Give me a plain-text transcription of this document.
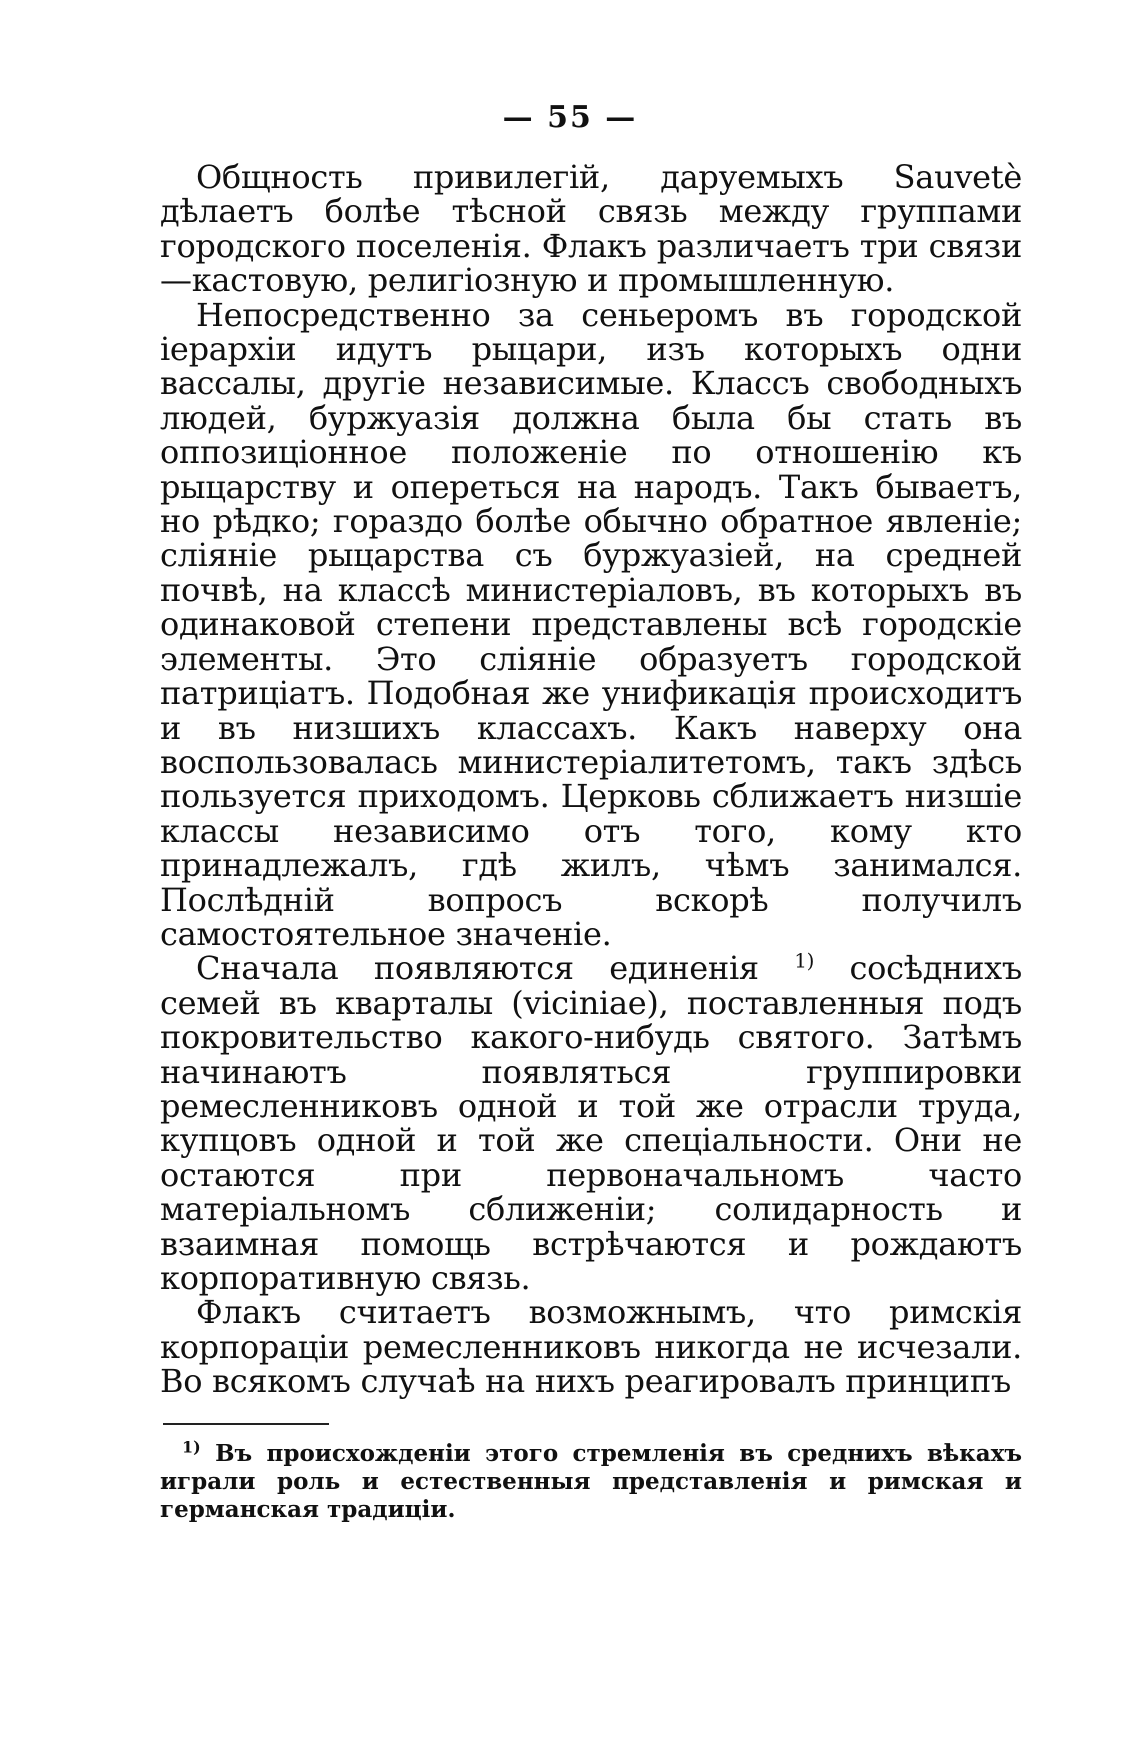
— 55 —

Общность привилегій, даруемыхъ Sauvetè дѣлаетъ болѣе тѣсной связь между группами городского поселенія. Флакъ различаетъ три связи—кастовую, религіозную и промышленную.

Непосредственно за сеньеромъ въ городской іерархіи идутъ рыцари, изъ которыхъ одни вассалы, другіе независимые. Классъ свободныхъ людей, буржуазія должна была бы стать въ оппозиціонное положеніе по отношенію къ рыцарству и опереться на народъ. Такъ бываетъ, но рѣдко; гораздо болѣе обычно обратное явленіе; сліяніе рыцарства съ буржуазіей, на средней почвѣ, на классѣ министеріаловъ, въ которыхъ въ одинаковой степени представлены всѣ городскіе элементы. Это сліяніе образуетъ городской патриціатъ. Подобная же унификація происходитъ и въ низшихъ классахъ. Какъ наверху она воспользовалась министеріалитетомъ, такъ здѣсь пользуется приходомъ. Церковь сближаетъ низшіе классы независимо отъ того, кому кто принадлежалъ, гдѣ жилъ, чѣмъ занимался. Послѣдній вопросъ вскорѣ получилъ самостоятельное значеніе.

Сначала появляются единенія $^{1)}$ сосѣднихъ семей въ кварталы (viciniae), поставленныя подъ покровительство какого-нибудь святого. Затѣмъ начинаютъ появляться группировки ремесленниковъ одной и той же отрасли труда, купцовъ одной и той же спеціальности. Они не остаются при первоначальномъ часто матеріальномъ сближеніи; солидарность и взаимная помощь встрѣчаются и рождаютъ корпоративную связь.

Флакъ считаетъ возможнымъ, что римскія корпораціи ремесленниковъ никогда не исчезали. Во всякомъ случаѣ на нихъ реагировалъ принципъ

$^{1)}$ Въ происхожденіи этого стремленія въ среднихъ вѣкахъ играли роль и естественныя представленія и римская и германская традиціи.
